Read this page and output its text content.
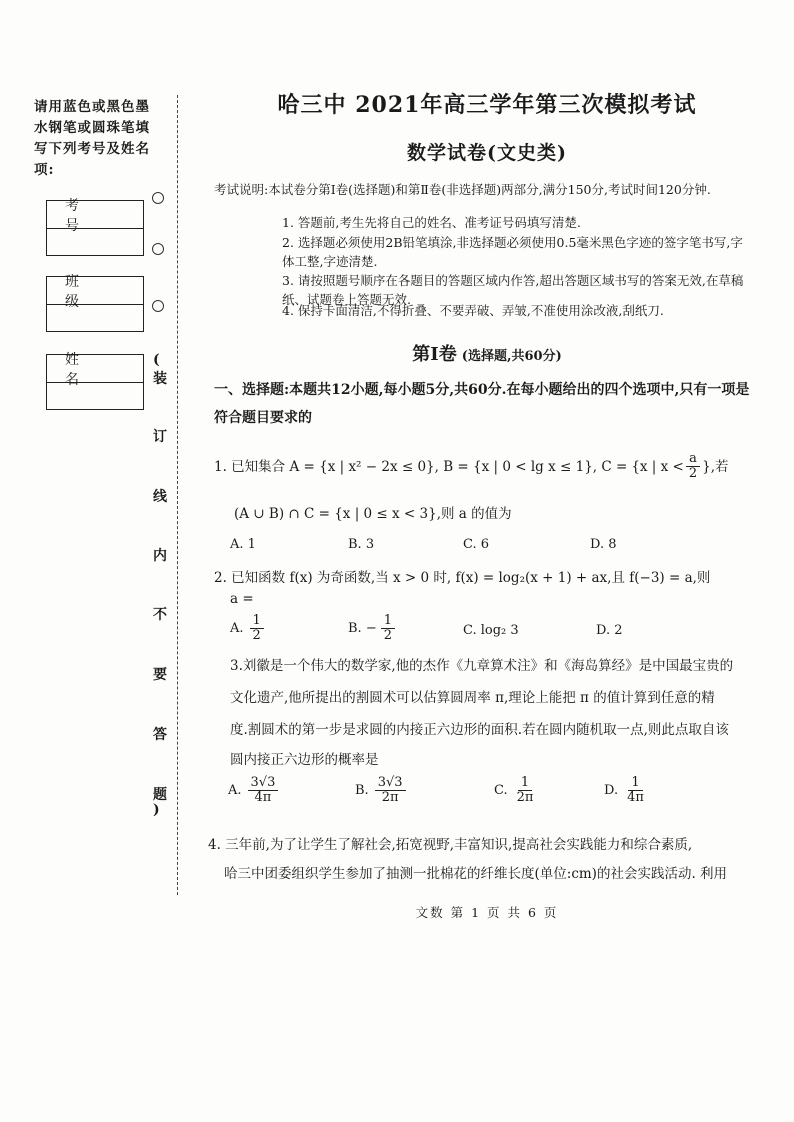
请用蓝色或黑色墨水钢笔或圆珠笔填写下列考号及姓名项:
考 号
班 级
姓 名
(
装
订
线
内
不
要
答
题
)
哈三中 2021年高三学年第三次模拟考试
数学试卷(文史类)
考试说明:本试卷分第Ⅰ卷(选择题)和第Ⅱ卷(非选择题)两部分,满分150分,考试时间120分钟.
1. 答题前,考生先将自己的姓名、准考证号码填写清楚.
2. 选择题必须使用2B铅笔填涂,非选择题必须使用0.5毫米黑色字迹的签字笔书写,字体工整,字迹清楚.
3. 请按照题号顺序在各题目的答题区域内作答,超出答题区域书写的答案无效,在草稿纸、试题卷上答题无效.
4. 保持卡面清洁,不得折叠、不要弄破、弄皱,不准使用涂改液,刮纸刀.
第Ⅰ卷 (选择题,共60分)
一、选择题:本题共12小题,每小题5分,共60分.在每小题给出的四个选项中,只有一项是符合题目要求的
1. 已知集合 A = {x | x² − 2x ≤ 0}, B = {x | 0 < lg x ≤ 1}, C = {x | $x < \frac{a}{2}$ },若
(A ∪ B) ∩ C = {x | 0 ≤ x < 3},则 a 的值为
A. 1	B. 3	C. 6	D. 8
2. 已知函数 f(x) 为奇函数,当 x > 0 时, f(x) = log₂(x + 1) + ax,且 f(−3) = a,则
a =
A. $\frac{1}{2}$	B. − $\frac{1}{2}$	C. log₂ 3	D. 2
3.刘徽是一个伟大的数学家,他的杰作《九章算术注》和《海岛算经》是中国最宝贵的
文化遗产,他所提出的割圆术可以估算圆周率 π,理论上能把 π 的值计算到任意的精
度.割圆术的第一步是求圆的内接正六边形的面积.若在圆内随机取一点,则此点取自该
圆内接正六边形的概率是
A. $\frac{3√3}{4\pi}$	B. $\frac{3√3}{2\pi}$	C. $\frac{1}{2\pi}$	D. $\frac{1}{4\pi}$
4. 三年前,为了让学生了解社会,拓宽视野,丰富知识,提高社会实践能力和综合素质,
哈三中团委组织学生参加了抽测一批棉花的纤维长度(单位:cm)的社会实践活动. 利用
文数 第 1 页 共 6 页
